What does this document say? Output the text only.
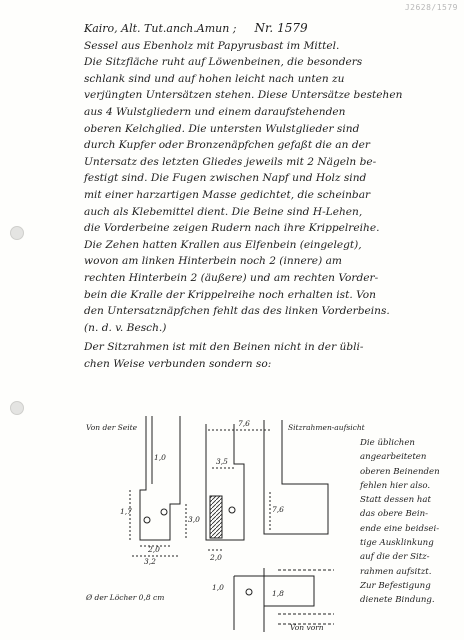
J2628/1579
Kairo, Alt. Tut.anch.Amun ; Nr. 1579
Sessel aus Ebenholz mit Papyrusbast im Mittel.
Die Sitzfläche ruht auf Löwenbeinen, die besonders
schlank sind und auf hohen leicht nach unten zu
verjüngten Untersätzen stehen. Diese Untersätze bestehen
aus 4 Wulstgliedern und einem daraufstehenden
oberen Kelchglied. Die untersten Wulstglieder sind
durch Kupfer oder Bronzenäpfchen gefaßt die an der
Untersatz des letzten Gliedes jeweils mit 2 Nägeln be-
festigt sind. Die Fugen zwischen Napf und Holz sind
mit einer harzartigen Masse gedichtet, die scheinbar
auch als Klebemittel dient. Die Beine sind H-Lehen,
die Vorderbeine zeigen Rudern nach ihre Krippelreihe.
Die Zehen hatten Krallen aus Elfenbein (eingelegt),
wovon am linken Hinterbein noch 2 (innere) am
rechten Hinterbein 2 (äußere) und am rechten Vorder-
bein die Kralle der Krippelreihe noch erhalten ist. Von
den Untersatznäpfchen fehlt das des linken Vorderbeins.
(n. d. v. Besch.)
Der Sitzrahmen ist mit den Beinen nicht in der übli-
chen Weise verbunden sondern so:
Von der Seite	Sitzrahmen-aufsicht
Von vorn
Ø der Löcher 0,8 cm
1,0
7,6
3,5
7,6
3,0
2,0
3,2
1,7
2,0
1,0
1,8
Die üblichen
angearbeiteten
oberen Beinenden
fehlen hier also.
Statt dessen hat
das obere Bein-
ende eine beidsei-
tige Ausklinkung
auf die der Sitz-
rahmen aufsitzt.
Zur Befestigung
dienete Bindung.
